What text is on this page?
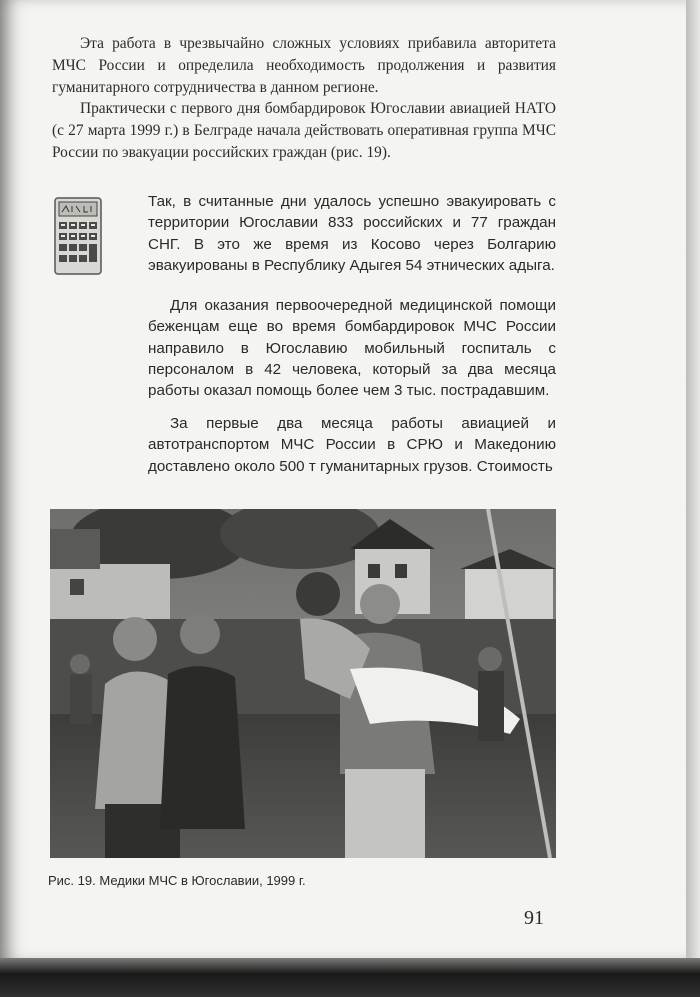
Эта работа в чрезвычайно сложных условиях прибавила авторитета МЧС России и определила необходимость продолжения и развития гуманитарного сотрудничества в данном регионе.

Практически с первого дня бомбардировок Югославии авиацией НАТО (с 27 марта 1999 г.) в Белграде начала действовать оперативная группа МЧС России по эвакуации российских граждан (рис. 19).

Так, в считанные дни удалось успешно эвакуировать с территории Югославии 833 российских и 77 граждан СНГ. В это же время из Косово через Болгарию эвакуированы в Республику Адыгея 54 этнических адыга.

Для оказания первоочередной медицинской помощи беженцам еще во время бомбардировок МЧС России направило в Югославию мобильный госпиталь с персоналом в 42 человека, который за два месяца работы оказал помощь более чем 3 тыс. пострадавшим.

За первые два месяца работы авиацией и автотранспортом МЧС России в СРЮ и Македонию доставлено около 500 т гуманитарных грузов. Стоимость

Рис. 19. Медики МЧС в Югославии, 1999 г.
91
